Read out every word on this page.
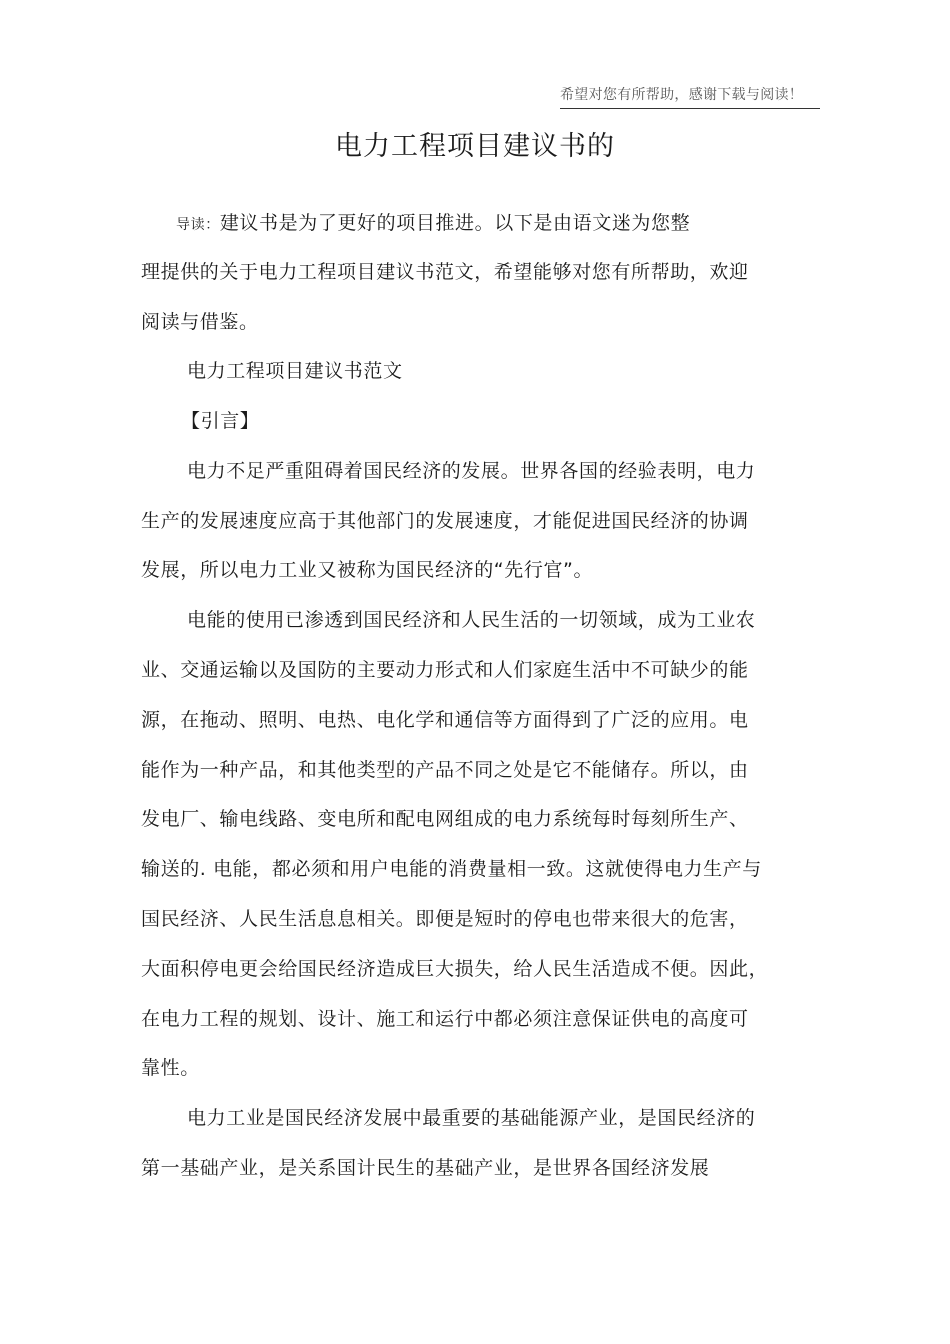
希望对您有所帮助，感谢下载与阅读！
电力工程项目建议书的
导读：建议书是为了更好的项目推进。以下是由语文迷为您整
理提供的关于电力工程项目建议书范文，希望能够对您有所帮助，欢迎
阅读与借鉴。
电力工程项目建议书范文
【引言】
电力不足严重阻碍着国民经济的发展。世界各国的经验表明，电力
生产的发展速度应高于其他部门的发展速度，才能促进国民经济的协调
发展，所以电力工业又被称为国民经济的“先行官”。
电能的使用已渗透到国民经济和人民生活的一切领域，成为工业农
业、交通运输以及国防的主要动力形式和人们家庭生活中不可缺少的能
源，在拖动、照明、电热、电化学和通信等方面得到了广泛的应用。电
能作为一种产品，和其他类型的产品不同之处是它不能储存。所以，由
发电厂、输电线路、变电所和配电网组成的电力系统每时每刻所生产、
输送的. 电能，都必须和用户电能的消费量相一致。这就使得电力生产与
国民经济、人民生活息息相关。即便是短时的停电也带来很大的危害，
大面积停电更会给国民经济造成巨大损失，给人民生活造成不便。因此，
在电力工程的规划、设计、施工和运行中都必须注意保证供电的高度可
靠性。
电力工业是国民经济发展中最重要的基础能源产业，是国民经济的
第一基础产业，是关系国计民生的基础产业，是世界各国经济发展
